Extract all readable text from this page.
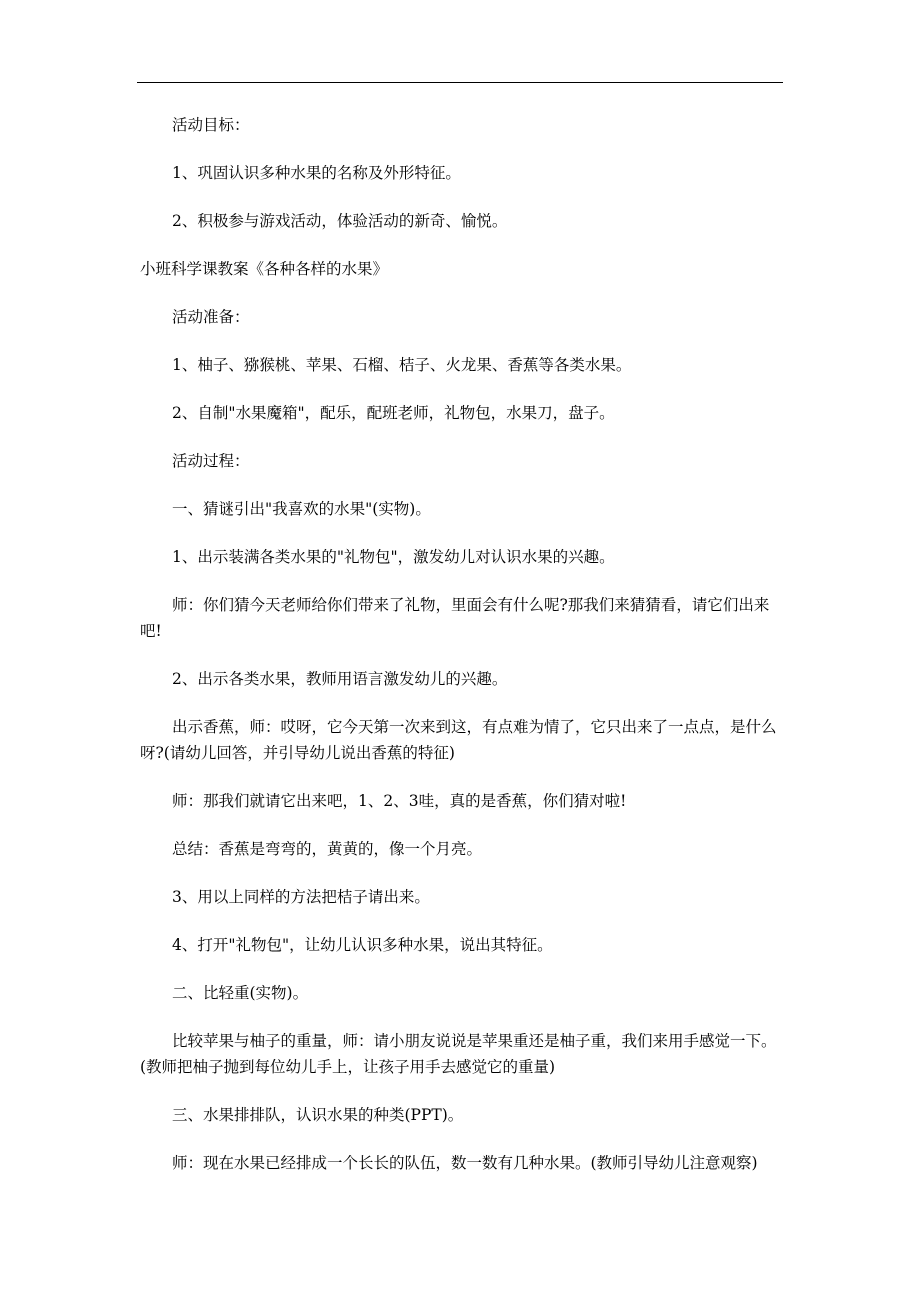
活动目标：

1、巩固认识多种水果的名称及外形特征。

2、积极参与游戏活动，体验活动的新奇、愉悦。

小班科学课教案《各种各样的水果》

活动准备：

1、柚子、猕猴桃、苹果、石榴、桔子、火龙果、香蕉等各类水果。

2、自制"水果魔箱"，配乐，配班老师，礼物包，水果刀，盘子。

活动过程：

一、猜谜引出"我喜欢的水果"(实物)。

1、出示装满各类水果的"礼物包"，激发幼儿对认识水果的兴趣。

师：你们猜今天老师给你们带来了礼物，里面会有什么呢?那我们来猜猜看，请它们出来吧!

2、出示各类水果，教师用语言激发幼儿的兴趣。

出示香蕉，师：哎呀，它今天第一次来到这，有点难为情了，它只出来了一点点，是什么呀?(请幼儿回答，并引导幼儿说出香蕉的特征)

师：那我们就请它出来吧，1、2、3哇，真的是香蕉，你们猜对啦!

总结：香蕉是弯弯的，黄黄的，像一个月亮。

3、用以上同样的方法把桔子请出来。

4、打开"礼物包"，让幼儿认识多种水果，说出其特征。

二、比轻重(实物)。

比较苹果与柚子的重量，师：请小朋友说说是苹果重还是柚子重，我们来用手感觉一下。(教师把柚子抛到每位幼儿手上，让孩子用手去感觉它的重量)

三、水果排排队，认识水果的种类(PPT)。

师：现在水果已经排成一个长长的队伍，数一数有几种水果。(教师引导幼儿注意观察)
